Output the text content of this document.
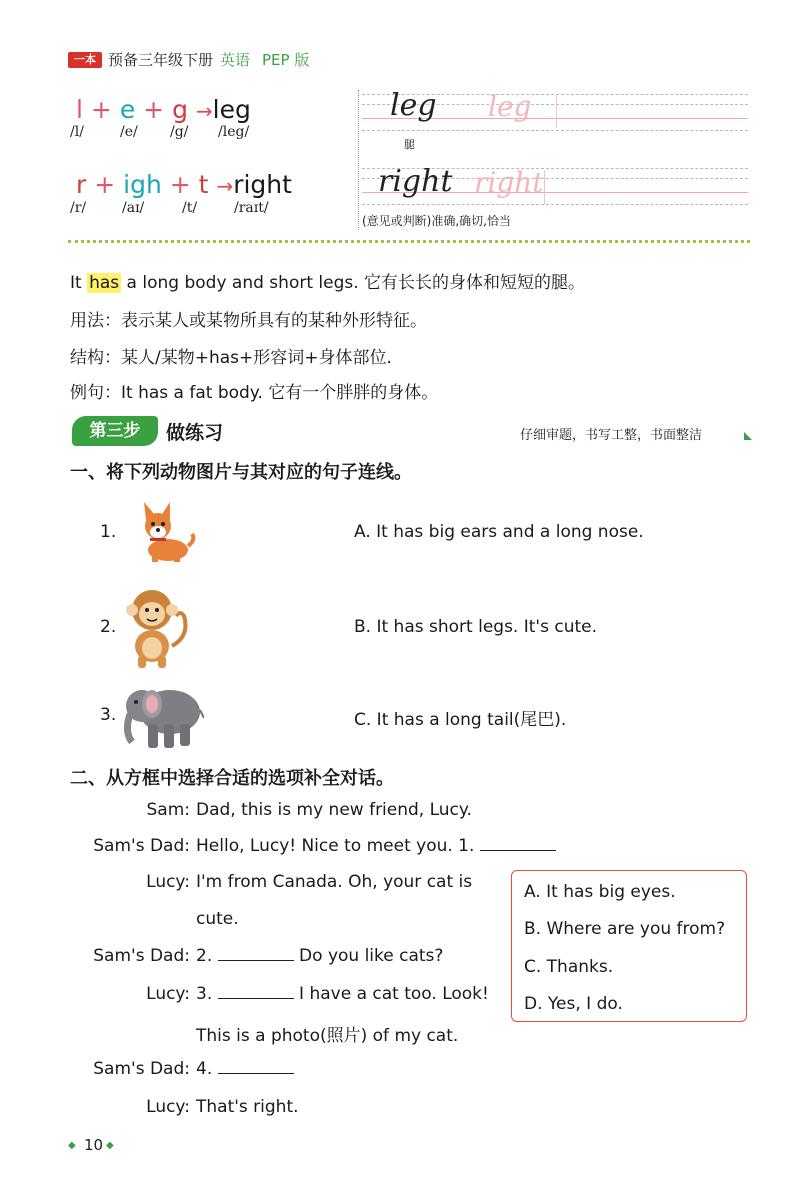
一本 预备三年级下册 英语 PEP 版
l + e + g →leg
/l/	/e/ /g/ /leg/
r + igh + t →right
/r/	/aɪ/	/t/	/raɪt/
leg leg
腿
right right
(意见或判断)准确,确切,恰当
It has a long body and short legs. 它有长长的身体和短短的腿。
用法：表示某人或某物所具有的某种外形特征。
结构：某人/某物+has+形容词+身体部位.
例句：It has a fat body. 它有一个胖胖的身体。
第三步	做练习	仔细审题，书写工整，书面整洁
一、将下列动物图片与其对应的句子连线。
1.	A. It has big ears and a long nose.
2.	B. It has short legs. It's cute.
3.	C. It has a long tail(尾巴).
二、从方框中选择合适的选项补全对话。
Sam: Dad, this is my new friend, Lucy.
Sam's Dad: Hello, Lucy! Nice to meet you. 1.
Lucy: I'm from Canada. Oh, your cat is
cute.
Sam's Dad: 2.	Do you like cats?
Lucy: 3.	I have a cat too. Look!
This is a photo(照片) of my cat.
Sam's Dad: 4.
Lucy: That's right.
A. It has big eyes.
B. Where are you from?
C. Thanks.
D. Yes, I do.
◆ 10 ◆
